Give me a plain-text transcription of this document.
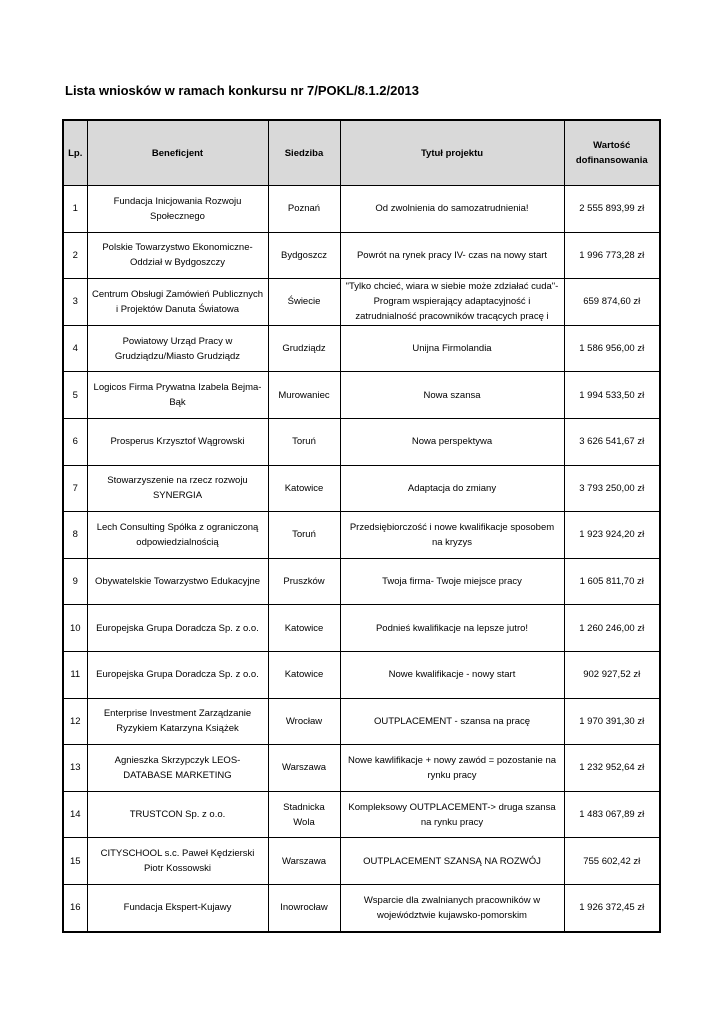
Lista wniosków w ramach konkursu nr 7/POKL/8.1.2/2013
Lp.	Beneficjent	Siedziba	Tytuł projektu	Wartość dofinansowania
1	Fundacja Inicjowania Rozwoju Społecznego	Poznań	Od zwolnienia do samozatrudnienia!	2 555 893,99 zł
2	Polskie Towarzystwo Ekonomiczne- Oddział w Bydgoszczy	Bydgoszcz	Powrót na rynek pracy IV- czas na nowy start	1 996 773,28 zł
3	Centrum Obsługi Zamówień Publicznych i Projektów Danuta Światowa	Świecie	"Tylko chcieć, wiara w siebie może zdziałać cuda"- Program wspierający adaptacyjność i zatrudnialność pracowników tracących pracę i	659 874,60 zł
4	Powiatowy Urząd Pracy w Grudziądzu/Miasto Grudziądz	Grudziądz	Unijna Firmolandia	1 586 956,00 zł
5	Logicos Firma Prywatna Izabela Bejma-Bąk	Murowaniec	Nowa szansa	1 994 533,50 zł
6	Prosperus Krzysztof Wągrowski	Toruń	Nowa perspektywa	3 626 541,67 zł
7	Stowarzyszenie na rzecz rozwoju SYNERGIA	Katowice	Adaptacja do zmiany	3 793 250,00 zł
8	Lech Consulting Spółka z ograniczoną odpowiedzialnością	Toruń	Przedsiębiorczość i nowe kwalifikacje sposobem na kryzys	1 923 924,20 zł
9	Obywatelskie Towarzystwo Edukacyjne	Pruszków	Twoja firma- Twoje miejsce pracy	1 605 811,70 zł
10	Europejska Grupa Doradcza Sp. z o.o.	Katowice	Podnieś kwalifikacje na lepsze jutro!	1 260 246,00 zł
11	Europejska Grupa Doradcza Sp. z o.o.	Katowice	Nowe kwalifikacje - nowy start	902 927,52 zł
12	Enterprise Investment Zarządzanie Ryzykiem Katarzyna Książek	Wrocław	OUTPLACEMENT - szansa na pracę	1 970 391,30 zł
13	Agnieszka Skrzypczyk LEOS-DATABASE MARKETING	Warszawa	Nowe kawlifikacje + nowy zawód = pozostanie na rynku pracy	1 232 952,64 zł
14	TRUSTCON Sp. z o.o.	Stadnicka Wola	Kompleksowy OUTPLACEMENT-> druga szansa na rynku pracy	1 483 067,89 zł
15	CITYSCHOOL s.c. Paweł Kędzierski Piotr Kossowski	Warszawa	OUTPLACEMENT SZANSĄ NA ROZWÓJ	755 602,42 zł
16	Fundacja Ekspert-Kujawy	Inowrocław	Wsparcie dla zwalnianych pracowników w wojeẃództwie kujawsko-pomorskim	1 926 372,45 zł
